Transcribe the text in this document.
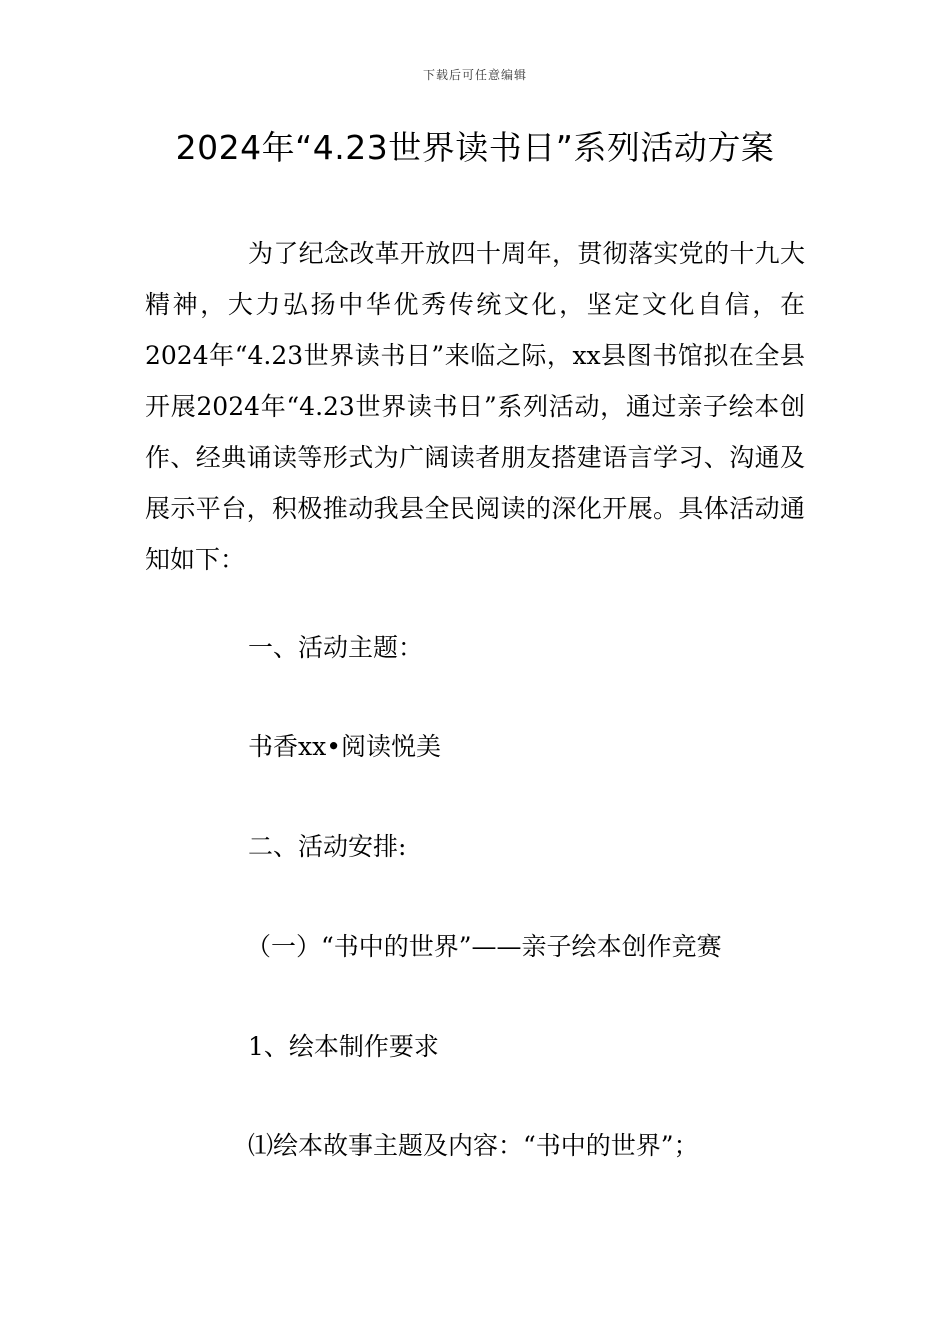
下载后可任意编辑
2024年“4.23世界读书日”系列活动方案

为了纪念改革开放四十周年，贯彻落实党的十九大精神，大力弘扬中华优秀传统文化，坚定文化自信，在2024年“4.23世界读书日”来临之际，xx县图书馆拟在全县开展2024年“4.23世界读书日”系列活动，通过亲子绘本创作、经典诵读等形式为广阔读者朋友搭建语言学习、沟通及展示平台，积极推动我县全民阅读的深化开展。具体活动通知如下：

一、活动主题：

书香xx•阅读悦美

二、活动安排:

（一）“书中的世界”——亲子绘本创作竞赛

1、绘本制作要求

⑴绘本故事主题及内容：“书中的世界”；
